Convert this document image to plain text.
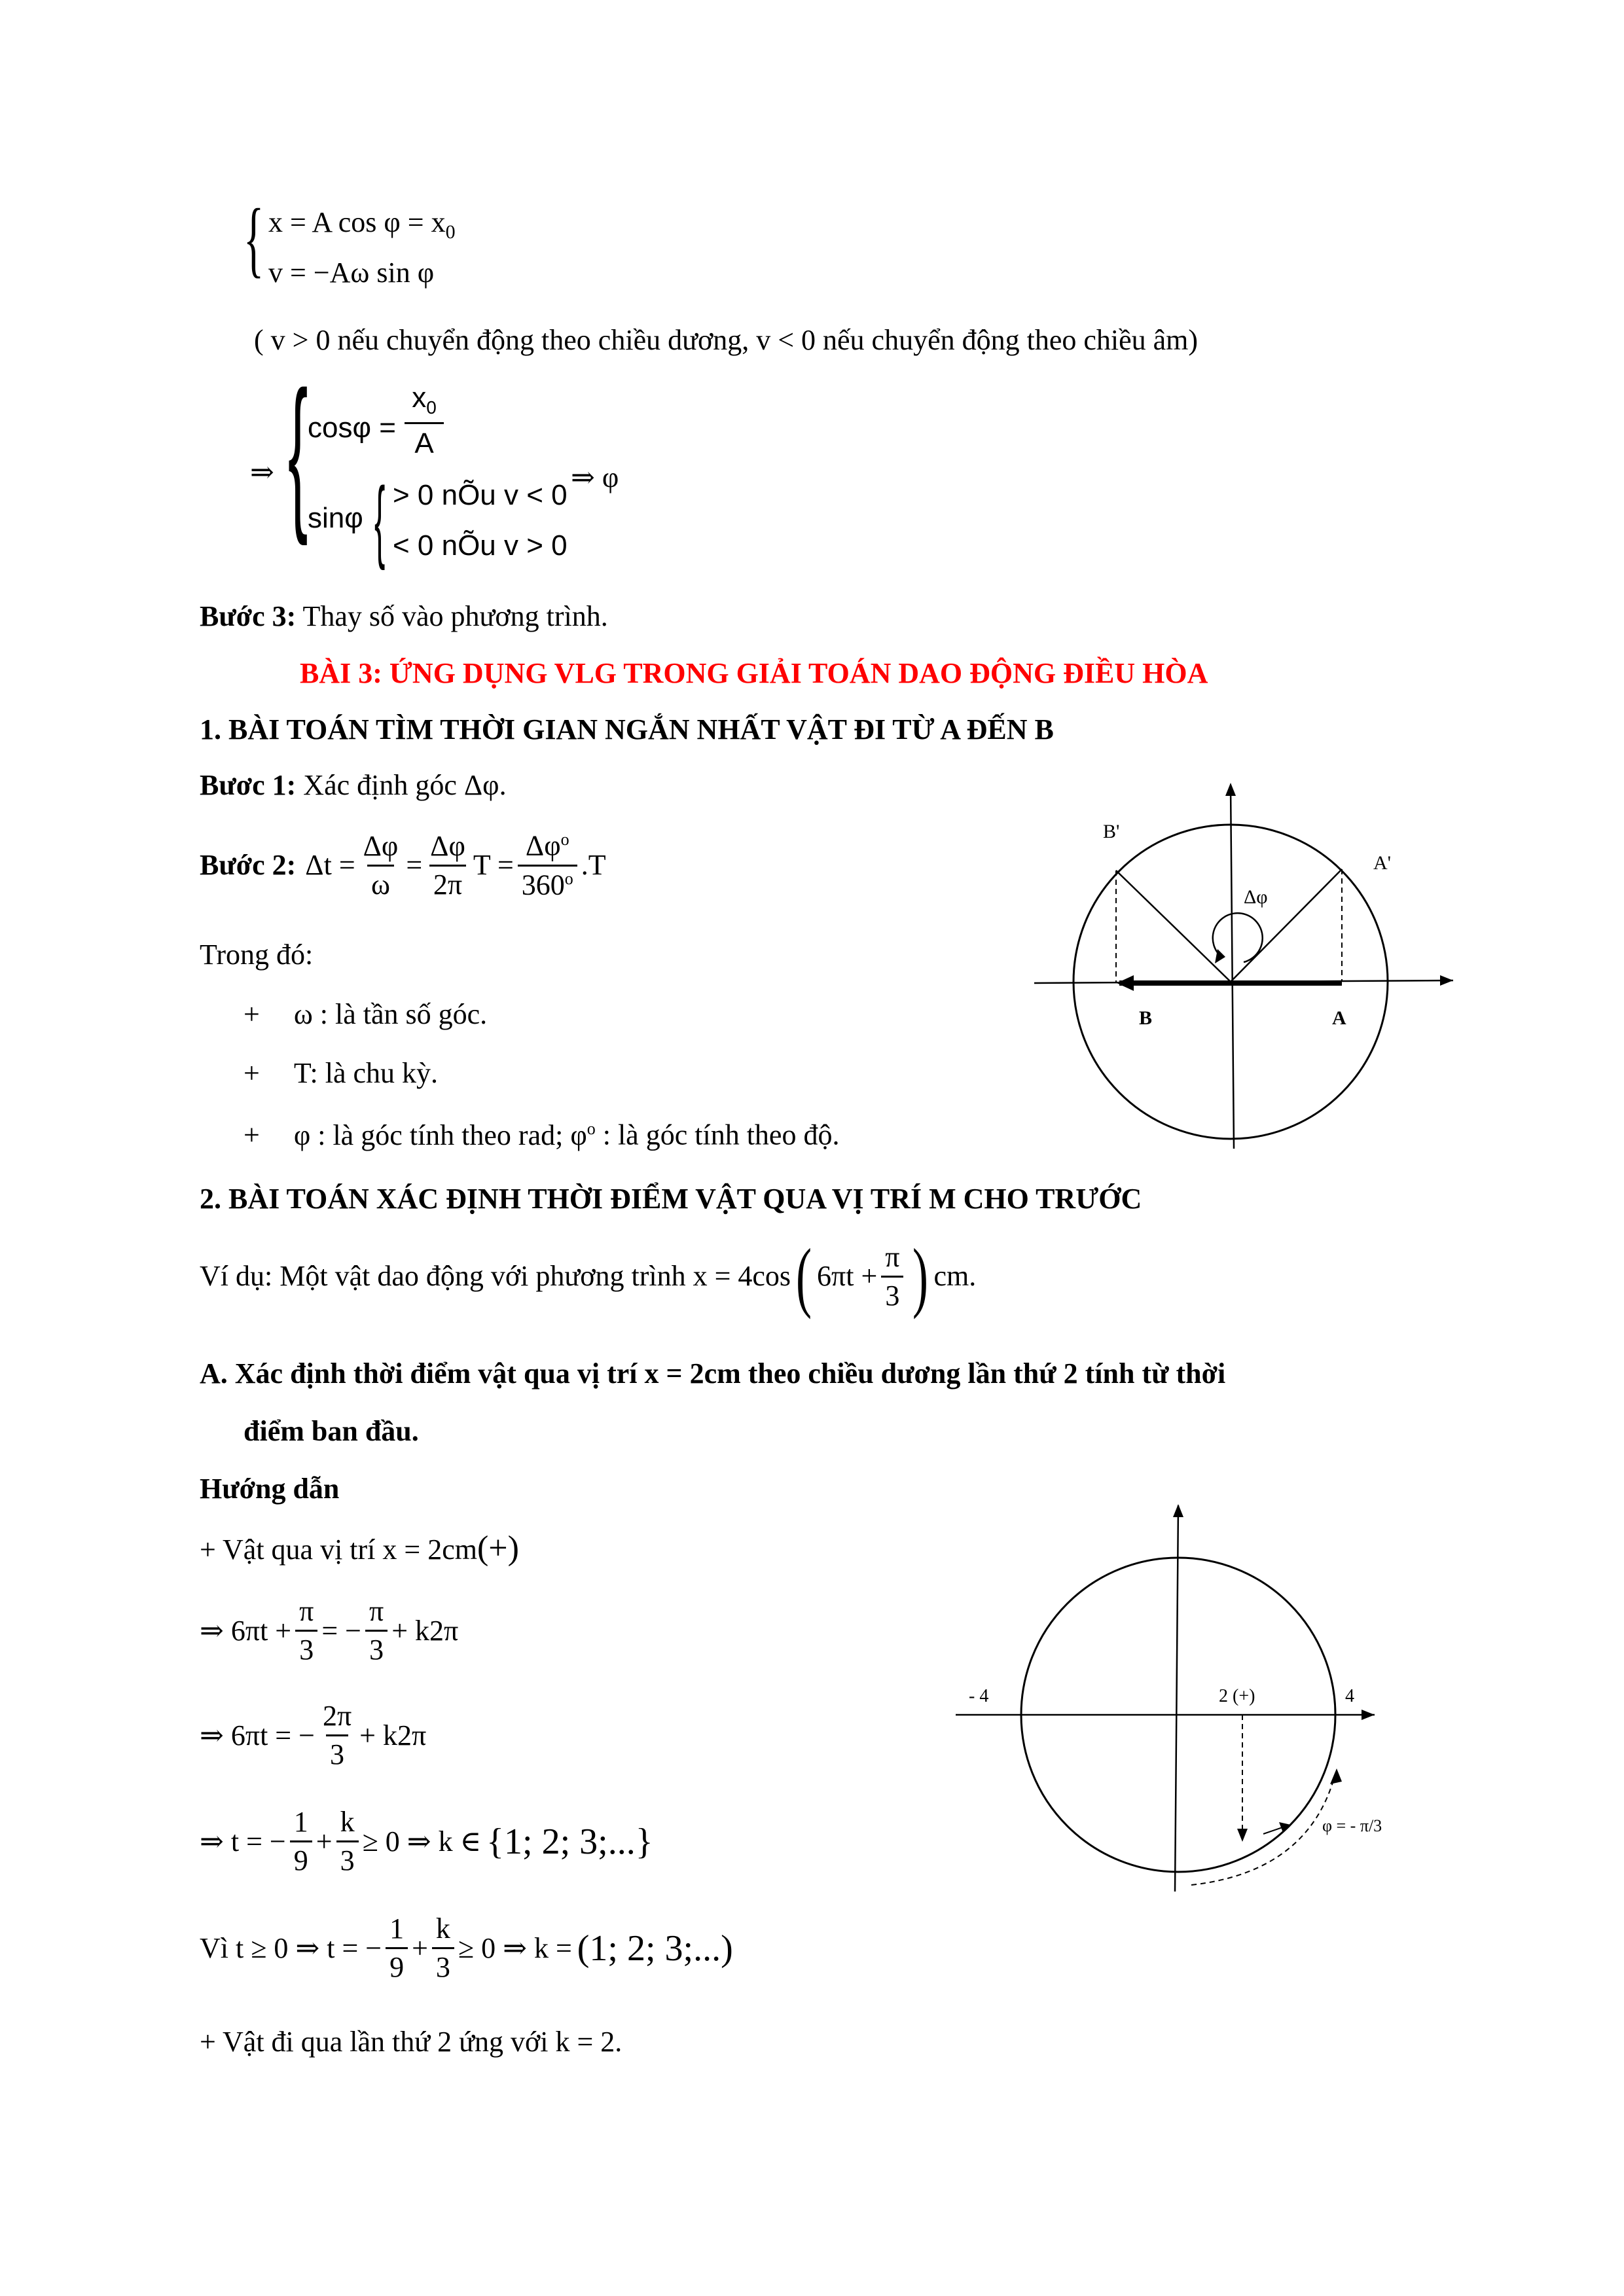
{ x = A $\cos \varphi = x_0$
v = −Aω sin φ
( v > 0 nếu chuyển động theo chiều dương, v < 0 nếu chuyển động theo chiều âm)
⇒ { cosφ =
$x_0$
A
sinφ { > 0 nÕu v < 0
< 0 nÕu v > 0
⇒ φ
Bước 3: Thay số vào phương trình.
BÀI 3: ỨNG DỤNG VLG TRONG GIẢI TOÁN DAO ĐỘNG ĐIỀU HÒA
1. BÀI TOÁN TÌM THỜI GIAN NGẮN NHẤT VẬT ĐI TỪ A ĐẾN B
Bươc 1: Xác định góc Δφ.
Bước 2: $\Delta t = \frac{\Delta\varphi}{\omega} = \frac{\Delta\varphi}{2\pi}$ $T = \frac{\Delta\varphi^o}{360^o} .T$
Trong đó:
+ ω : là tần số góc.
+ T: là chu kỳ.
+ φ : là góc tính theo rad; $\varphi^o$ : là góc tính theo độ.
B'
A'
Δφ
B	A
2. BÀI TOÁN XÁC ĐỊNH THỜI ĐIỂM VẬT QUA VỊ TRÍ M CHO TRƯỚC
Ví dụ: Một vật dao động với phương trình x = 4cos ( $6\pi t + \frac{\pi}{3}$ ) cm.
A. Xác định thời điểm vật qua vị trí x = 2cm theo chiều dương lần thứ 2 tính từ thời
điểm ban đầu.
Hướng dẫn
+ Vật qua vị trí x = 2cm(+)
⇒ $6\pi t + \frac{\pi}{3}$ = − $\frac{\pi}{3} + k2\pi$
⇒ 6πt = − $\frac{2\pi}{3} + k2\pi$
⇒ t = − $\frac{1}{9} + \frac{k}{3} \ge 0$ ⇒ k ∈ {1; 2; 3;...}
Vì t ≥ 0 ⇒ t = − $\frac{1}{9} + \frac{k}{3} \ge 0$ ⇒ k = (1; 2; 3;...)
+ Vật đi qua lần thứ 2 ứng với k = 2.
- 4	4
2 (+)
φ = - π/3
